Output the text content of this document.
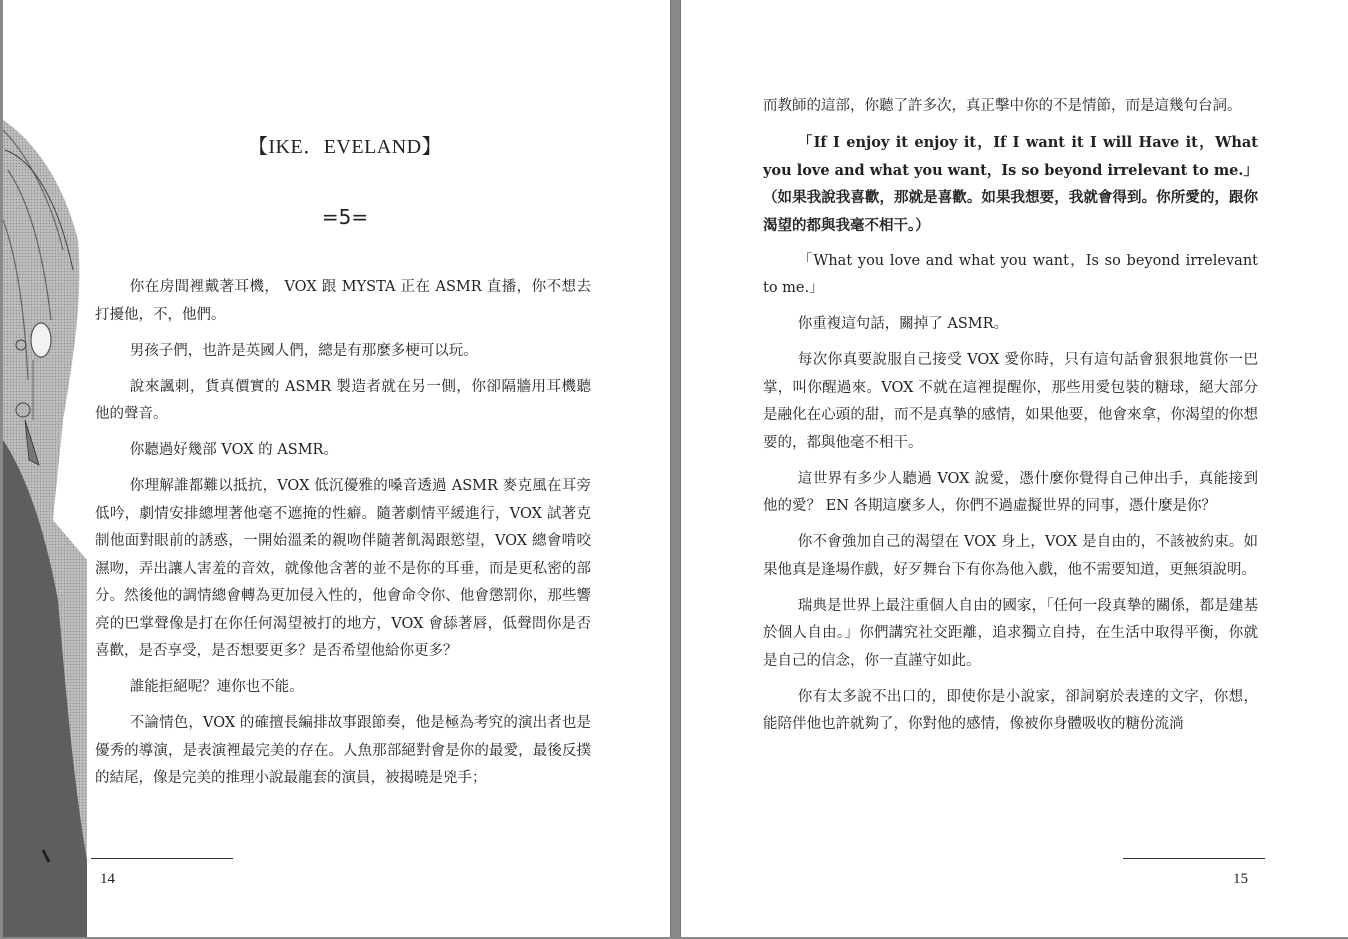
【IKE．EVELAND】
=5=

你在房間裡戴著耳機， VOX 跟 MYSTA 正在 ASMR 直播，你不想去打擾他，不，他們。

男孩子們，也許是英國人們，總是有那麼多梗可以玩。

說來諷刺，貨真價實的 ASMR 製造者就在另一側，你卻隔牆用耳機聽他的聲音。

你聽過好幾部 VOX 的 ASMR。

你理解誰都難以抵抗，VOX 低沉優雅的嗓音透過 ASMR 麥克風在耳旁低吟，劇情安排總埋著他毫不遮掩的性癖。隨著劇情平緩進行，VOX 試著克制他面對眼前的誘惑，一開始溫柔的親吻伴隨著飢渴跟慾望，VOX 總會啃咬濕吻，弄出讓人害羞的音效，就像他含著的並不是你的耳垂，而是更私密的部分。然後他的調情總會轉為更加侵入性的，他會命令你、他會懲罰你，那些響亮的巴掌聲像是打在你任何渴望被打的地方，VOX 會舔著唇，低聲問你是否喜歡，是否享受，是否想要更多？是否希望他給你更多？

誰能拒絕呢？連你也不能。

不論情色，VOX 的確擅長編排故事跟節奏，他是極為考究的演出者也是優秀的導演，是表演裡最完美的存在。人魚那部絕對會是你的最愛，最後反撲的結尾，像是完美的推理小說最龍套的演員，被揭曉是兇手；

14

而教師的這部，你聽了許多次，真正擊中你的不是情節，而是這幾句台詞。

「If I enjoy it enjoy it，If I want it I will Have it，What you love and what you want，Is so beyond irrelevant to me.」（如果我說我喜歡，那就是喜歡。如果我想要，我就會得到。你所愛的，跟你渴望的都與我毫不相干。）

「What you love and what you want，Is so beyond irrelevant to me.」

你重複這句話，關掉了 ASMR。

每次你真要說服自己接受 VOX 愛你時，只有這句話會狠狠地賞你一巴掌，叫你醒過來。VOX 不就在這裡提醒你，那些用愛包裝的糖球，絕大部分是融化在心頭的甜，而不是真摯的感情，如果他要，他會來拿，你渴望的你想要的，都與他毫不相干。

這世界有多少人聽過 VOX 說愛，憑什麼你覺得自己伸出手，真能接到他的愛？ EN 各期這麼多人，你們不過虛擬世界的同事，憑什麼是你？

你不會強加自己的渴望在 VOX 身上，VOX 是自由的，不該被約束。如果他真是逢場作戲，好歹舞台下有你為他入戲，他不需要知道，更無須說明。

瑞典是世界上最注重個人自由的國家，「任何一段真摯的關係，都是建基於個人自由。」你們講究社交距離，追求獨立自持，在生活中取得平衡，你就是自己的信念，你一直謹守如此。

你有太多說不出口的，即使你是小說家，卻詞窮於表達的文字，你想，能陪伴他也許就夠了，你對他的感情，像被你身體吸收的糖份流淌

15
